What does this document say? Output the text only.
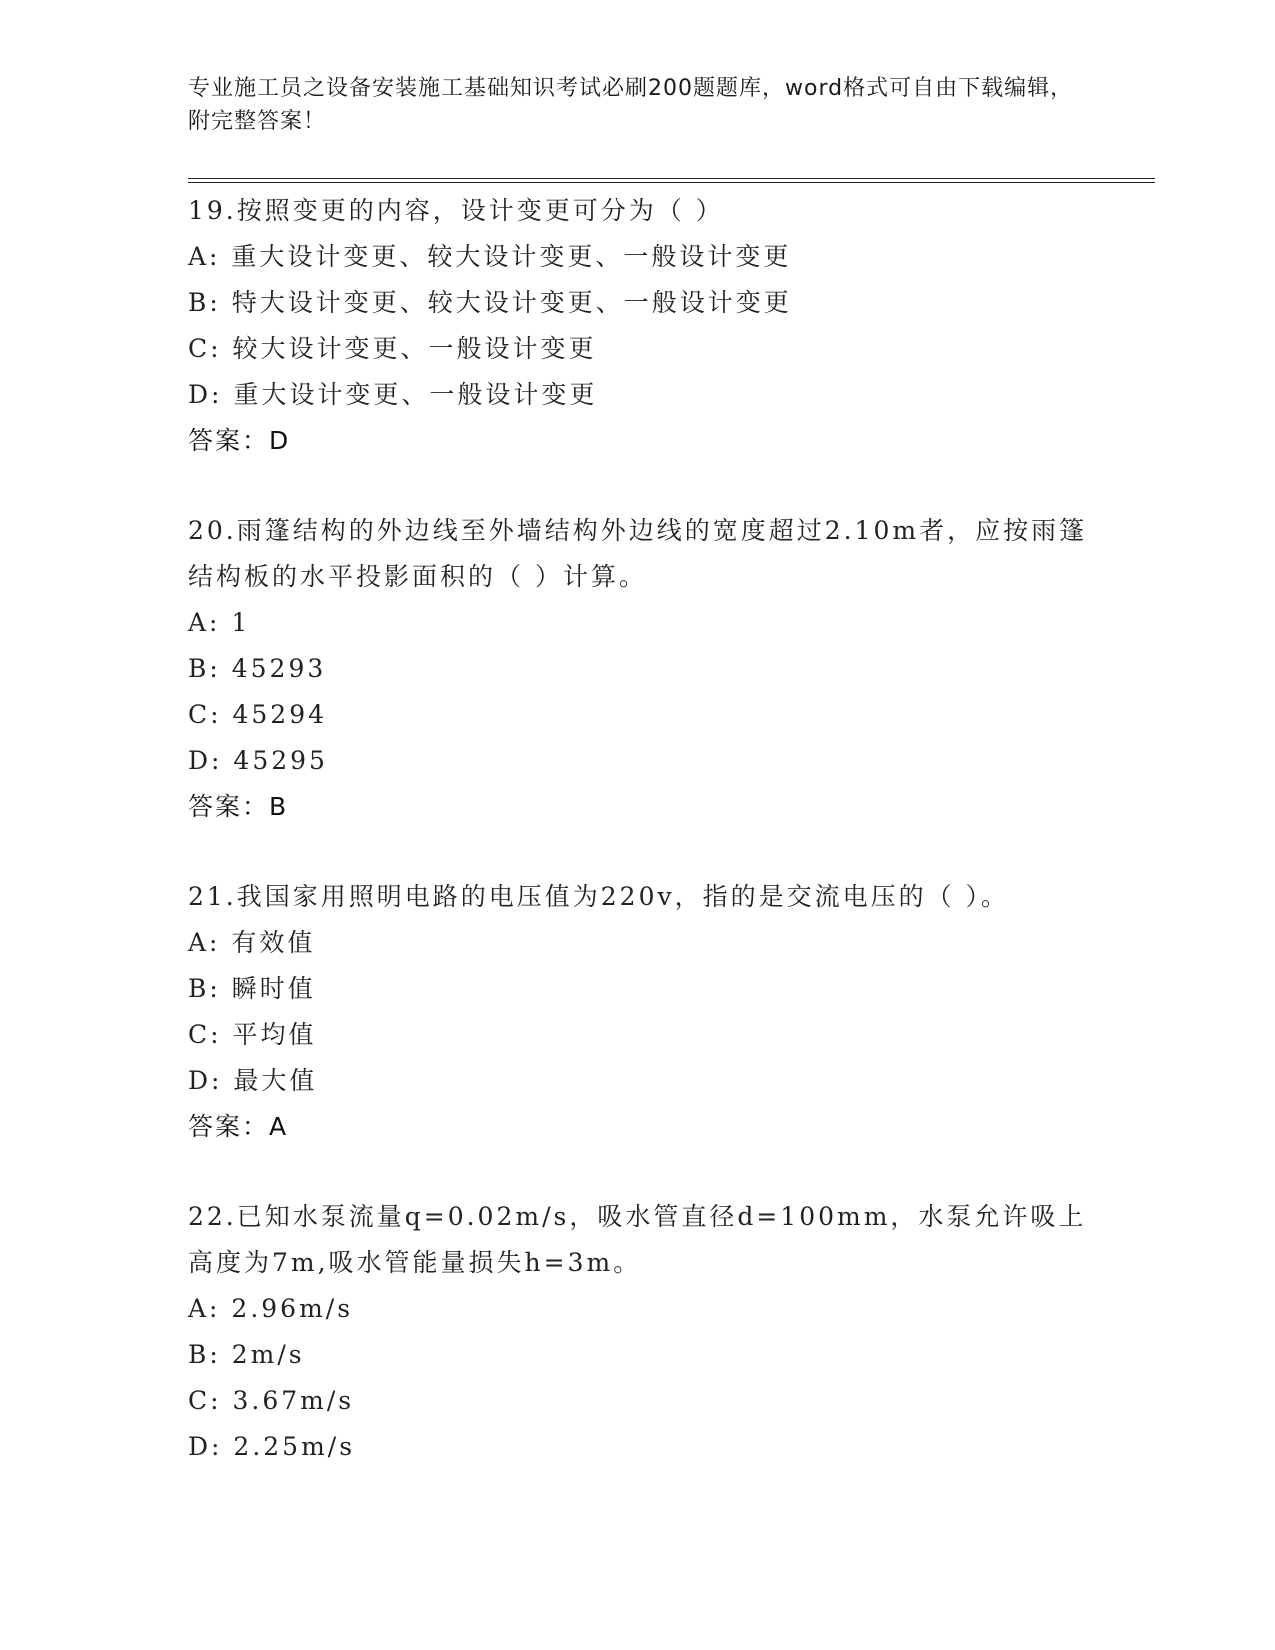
专业施工员之设备安装施工基础知识考试必刷200题题库，word格式可自由下载编辑，附完整答案！
19.按照变更的内容，设计变更可分为（ ）
A: 重大设计变更、较大设计变更、一般设计变更
B: 特大设计变更、较大设计变更、一般设计变更
C: 较大设计变更、一般设计变更
D: 重大设计变更、一般设计变更
答案：D
20.雨篷结构的外边线至外墙结构外边线的宽度超过2.10m者，应按雨篷结构板的水平投影面积的（ ）计算。
A: 1
B: 45293
C: 45294
D: 45295
答案：B
21.我国家用照明电路的电压值为220v，指的是交流电压的（ ）。
A: 有效值
B: 瞬时值
C: 平均值
D: 最大值
答案：A
22.已知水泵流量q=0.02m/s，吸水管直径d=100mm，水泵允许吸上高度为7m,吸水管能量损失h=3m。
A: 2.96m/s
B: 2m/s
C: 3.67m/s
D: 2.25m/s
